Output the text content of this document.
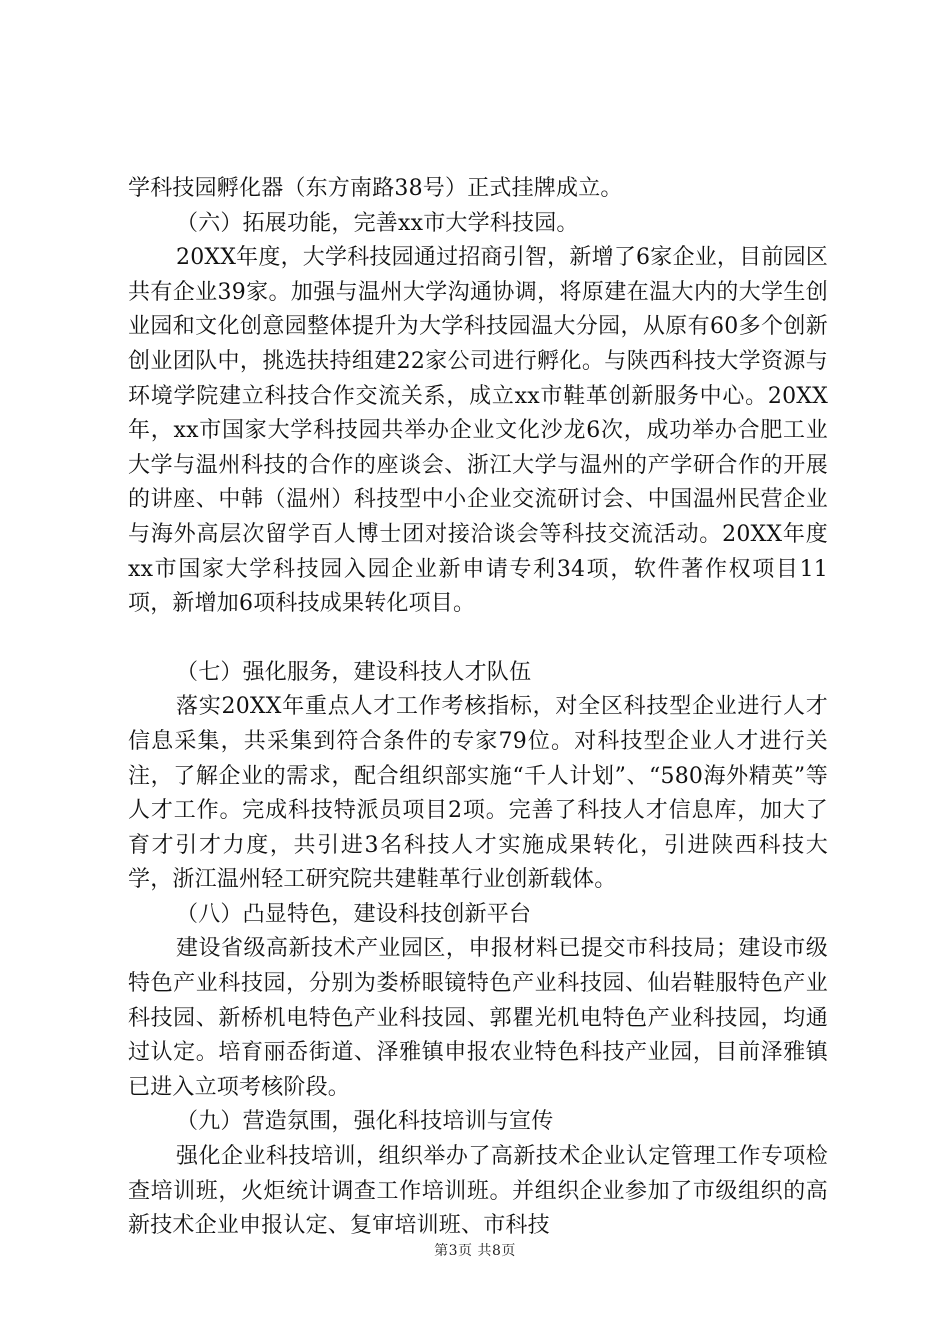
学科技园孵化器（东方南路38号）正式挂牌成立。

（六）拓展功能，完善xx市大学科技园。

20XX年度，大学科技园通过招商引智，新增了6家企业，目前园区共有企业39家。加强与温州大学沟通协调，将原建在温大内的大学生创业园和文化创意园整体提升为大学科技园温大分园，从原有60多个创新创业团队中，挑选扶持组建22家公司进行孵化。与陕西科技大学资源与环境学院建立科技合作交流关系，成立xx市鞋革创新服务中心。20XX年，xx市国家大学科技园共举办企业文化沙龙6次，成功举办合肥工业大学与温州科技的合作的座谈会、浙江大学与温州的产学研合作的开展的讲座、中韩（温州）科技型中小企业交流研讨会、中国温州民营企业与海外高层次留学百人博士团对接洽谈会等科技交流活动。20XX年度xx市国家大学科技园入园企业新申请专利34项，软件著作权项目11项，新增加6项科技成果转化项目。

（七）强化服务，建设科技人才队伍

落实20XX年重点人才工作考核指标，对全区科技型企业进行人才信息采集，共采集到符合条件的专家79位。对科技型企业人才进行关注，了解企业的需求，配合组织部实施“千人计划”、“580海外精英”等人才工作。完成科技特派员项目2项。完善了科技人才信息库，加大了育才引才力度，共引进3名科技人才实施成果转化，引进陕西科技大学，浙江温州轻工研究院共建鞋革行业创新载体。

（八）凸显特色，建设科技创新平台

建设省级高新技术产业园区，申报材料已提交市科技局；建设市级特色产业科技园，分别为娄桥眼镜特色产业科技园、仙岩鞋服特色产业科技园、新桥机电特色产业科技园、郭瞿光机电特色产业科技园，均通过认定。培育丽岙街道、泽雅镇申报农业特色科技产业园，目前泽雅镇已进入立项考核阶段。

（九）营造氛围，强化科技培训与宣传

强化企业科技培训，组织举办了高新技术企业认定管理工作专项检查培训班，火炬统计调查工作培训班。并组织企业参加了市级组织的高新技术企业申报认定、复审培训班、市科技

第3页 共8页
